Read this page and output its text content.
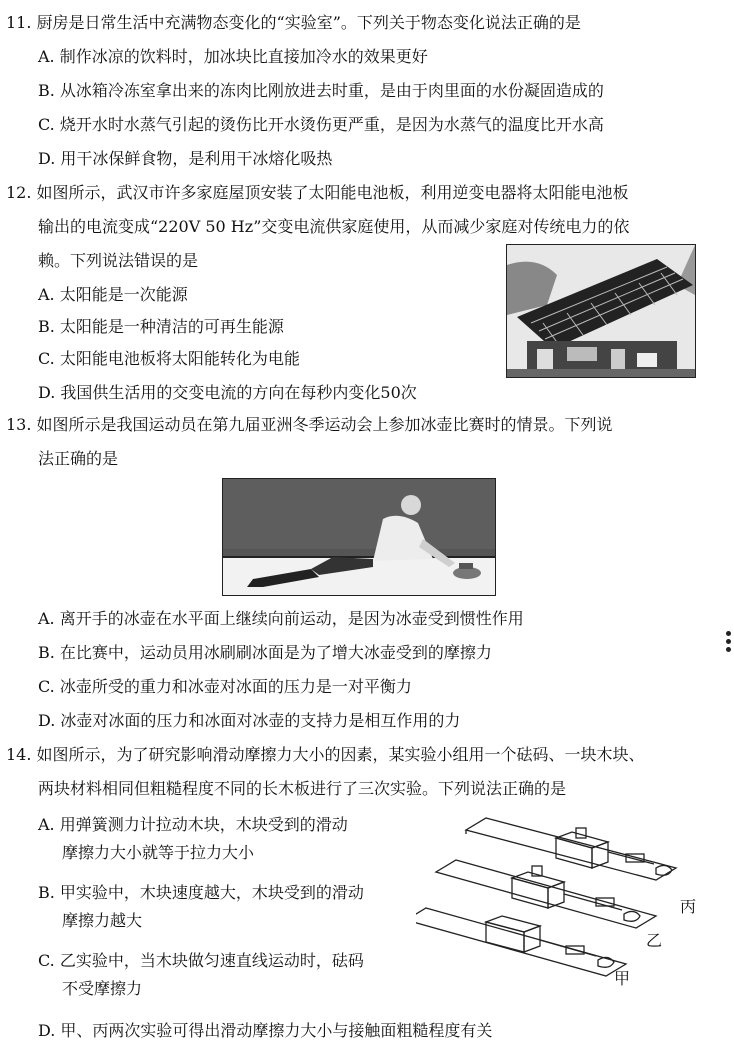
11. 厨房是日常生活中充满物态变化的“实验室”。下列关于物态变化说法正确的是
A. 制作冰凉的饮料时，加冰块比直接加冷水的效果更好
B. 从冰箱冷冻室拿出来的冻肉比刚放进去时重，是由于肉里面的水份凝固造成的
C. 烧开水时水蒸气引起的烫伤比开水烫伤更严重，是因为水蒸气的温度比开水高
D. 用干冰保鲜食物，是利用干冰熔化吸热
12. 如图所示，武汉市许多家庭屋顶安装了太阳能电池板，利用逆变电器将太阳能电池板
输出的电流变成“220V 50 Hz”交变电流供家庭使用，从而减少家庭对传统电力的依
赖。下列说法错误的是
A. 太阳能是一次能源
B. 太阳能是一种清洁的可再生能源
C. 太阳能电池板将太阳能转化为电能
D. 我国供生活用的交变电流的方向在每秒内变化50次
13. 如图所示是我国运动员在第九届亚洲冬季运动会上参加冰壶比赛时的情景。下列说
法正确的是
A. 离开手的冰壶在水平面上继续向前运动，是因为冰壶受到惯性作用
B. 在比赛中，运动员用冰刷刷冰面是为了增大冰壶受到的摩擦力
C. 冰壶所受的重力和冰壶对冰面的压力是一对平衡力
D. 冰壶对冰面的压力和冰面对冰壶的支持力是相互作用的力
14. 如图所示，为了研究影响滑动摩擦力大小的因素，某实验小组用一个砝码、一块木块、
两块材料相同但粗糙程度不同的长木板进行了三次实验。下列说法正确的是
A. 用弹簧测力计拉动木块，木块受到的滑动
摩擦力大小就等于拉力大小
B. 甲实验中，木块速度越大，木块受到的滑动
摩擦力越大
C. 乙实验中，当木块做匀速直线运动时，砝码
不受摩擦力
D. 甲、丙两次实验可得出滑动摩擦力大小与接触面粗糙程度有关
丙
乙
甲
